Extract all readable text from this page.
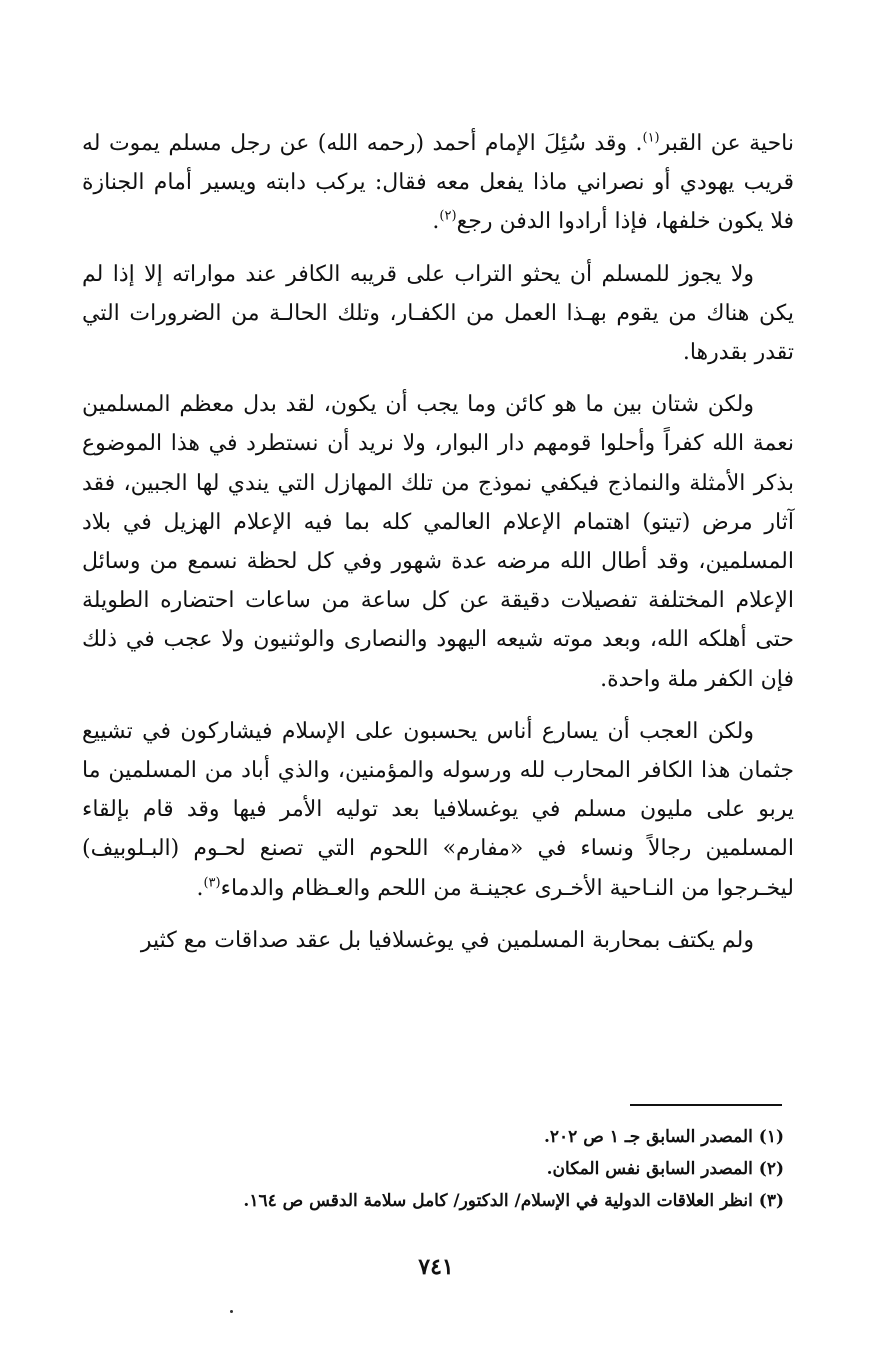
ناحية عن القبر$^{(١)}$. وقد سُئِلَ الإمام أحمد (رحمه الله) عن رجل مسلم يموت له قريب يهودي أو نصراني ماذا يفعل معه فقال: يركب دابته ويسير أمام الجنازة فلا يكون خلفها، فإذا أرادوا الدفن رجع$^{(٢)}$.

ولا يجوز للمسلم أن يحثو التراب على قريبه الكافر عند مواراته إلا إذا لم يكن هناك من يقوم بهـذا العمل من الكفـار، وتلك الحالـة من الضرورات التي تقدر بقدرها.

ولكن شتان بين ما هو كائن وما يجب أن يكون، لقد بدل معظم المسلمين نعمة الله كفراً وأحلوا قومهم دار البوار، ولا نريد أن نستطرد في هذا الموضوع بذكر الأمثلة والنماذج فيكفي نموذج من تلك المهازل التي يندي لها الجبين، فقد آثار مرض (تيتو) اهتمام الإعلام العالمي كله بما فيه الإعلام الهزيل في بلاد المسلمين، وقد أطال الله مرضه عدة شهور وفي كل لحظة نسمع من وسائل الإعلام المختلفة تفصيلات دقيقة عن كل ساعة من ساعات احتضاره الطويلة حتى أهلكه الله، وبعد موته شيعه اليهود والنصارى والوثنيون ولا عجب في ذلك فإن الكفر ملة واحدة.

ولكن العجب أن يسارع أناس يحسبون على الإسلام فيشاركون في تشييع جثمان هذا الكافر المحارب لله ورسوله والمؤمنين، والذي أباد من المسلمين ما يربو على مليون مسلم في يوغسلافيا بعد توليه الأمر فيها وقد قام بإلقاء المسلمين رجالاً ونساء في «مفارم» اللحوم التي تصنع لحـوم (البـلوبيف) ليخـرجوا من النـاحية الأخـرى عجينـة من اللحم والعـظام والدماء$^{(٣)}$.

ولم يكتف بمحاربة المسلمين في يوغسلافيا بل عقد صداقات مع كثير

(١) المصدر السابق جـ ١ ص ٢٠٢.

(٢) المصدر السابق نفس المكان.

(٣) انظر العلاقات الدولية في الإسلام/ الدكتور/ كامل سلامة الدقس ص ١٦٤.

٧٤١
